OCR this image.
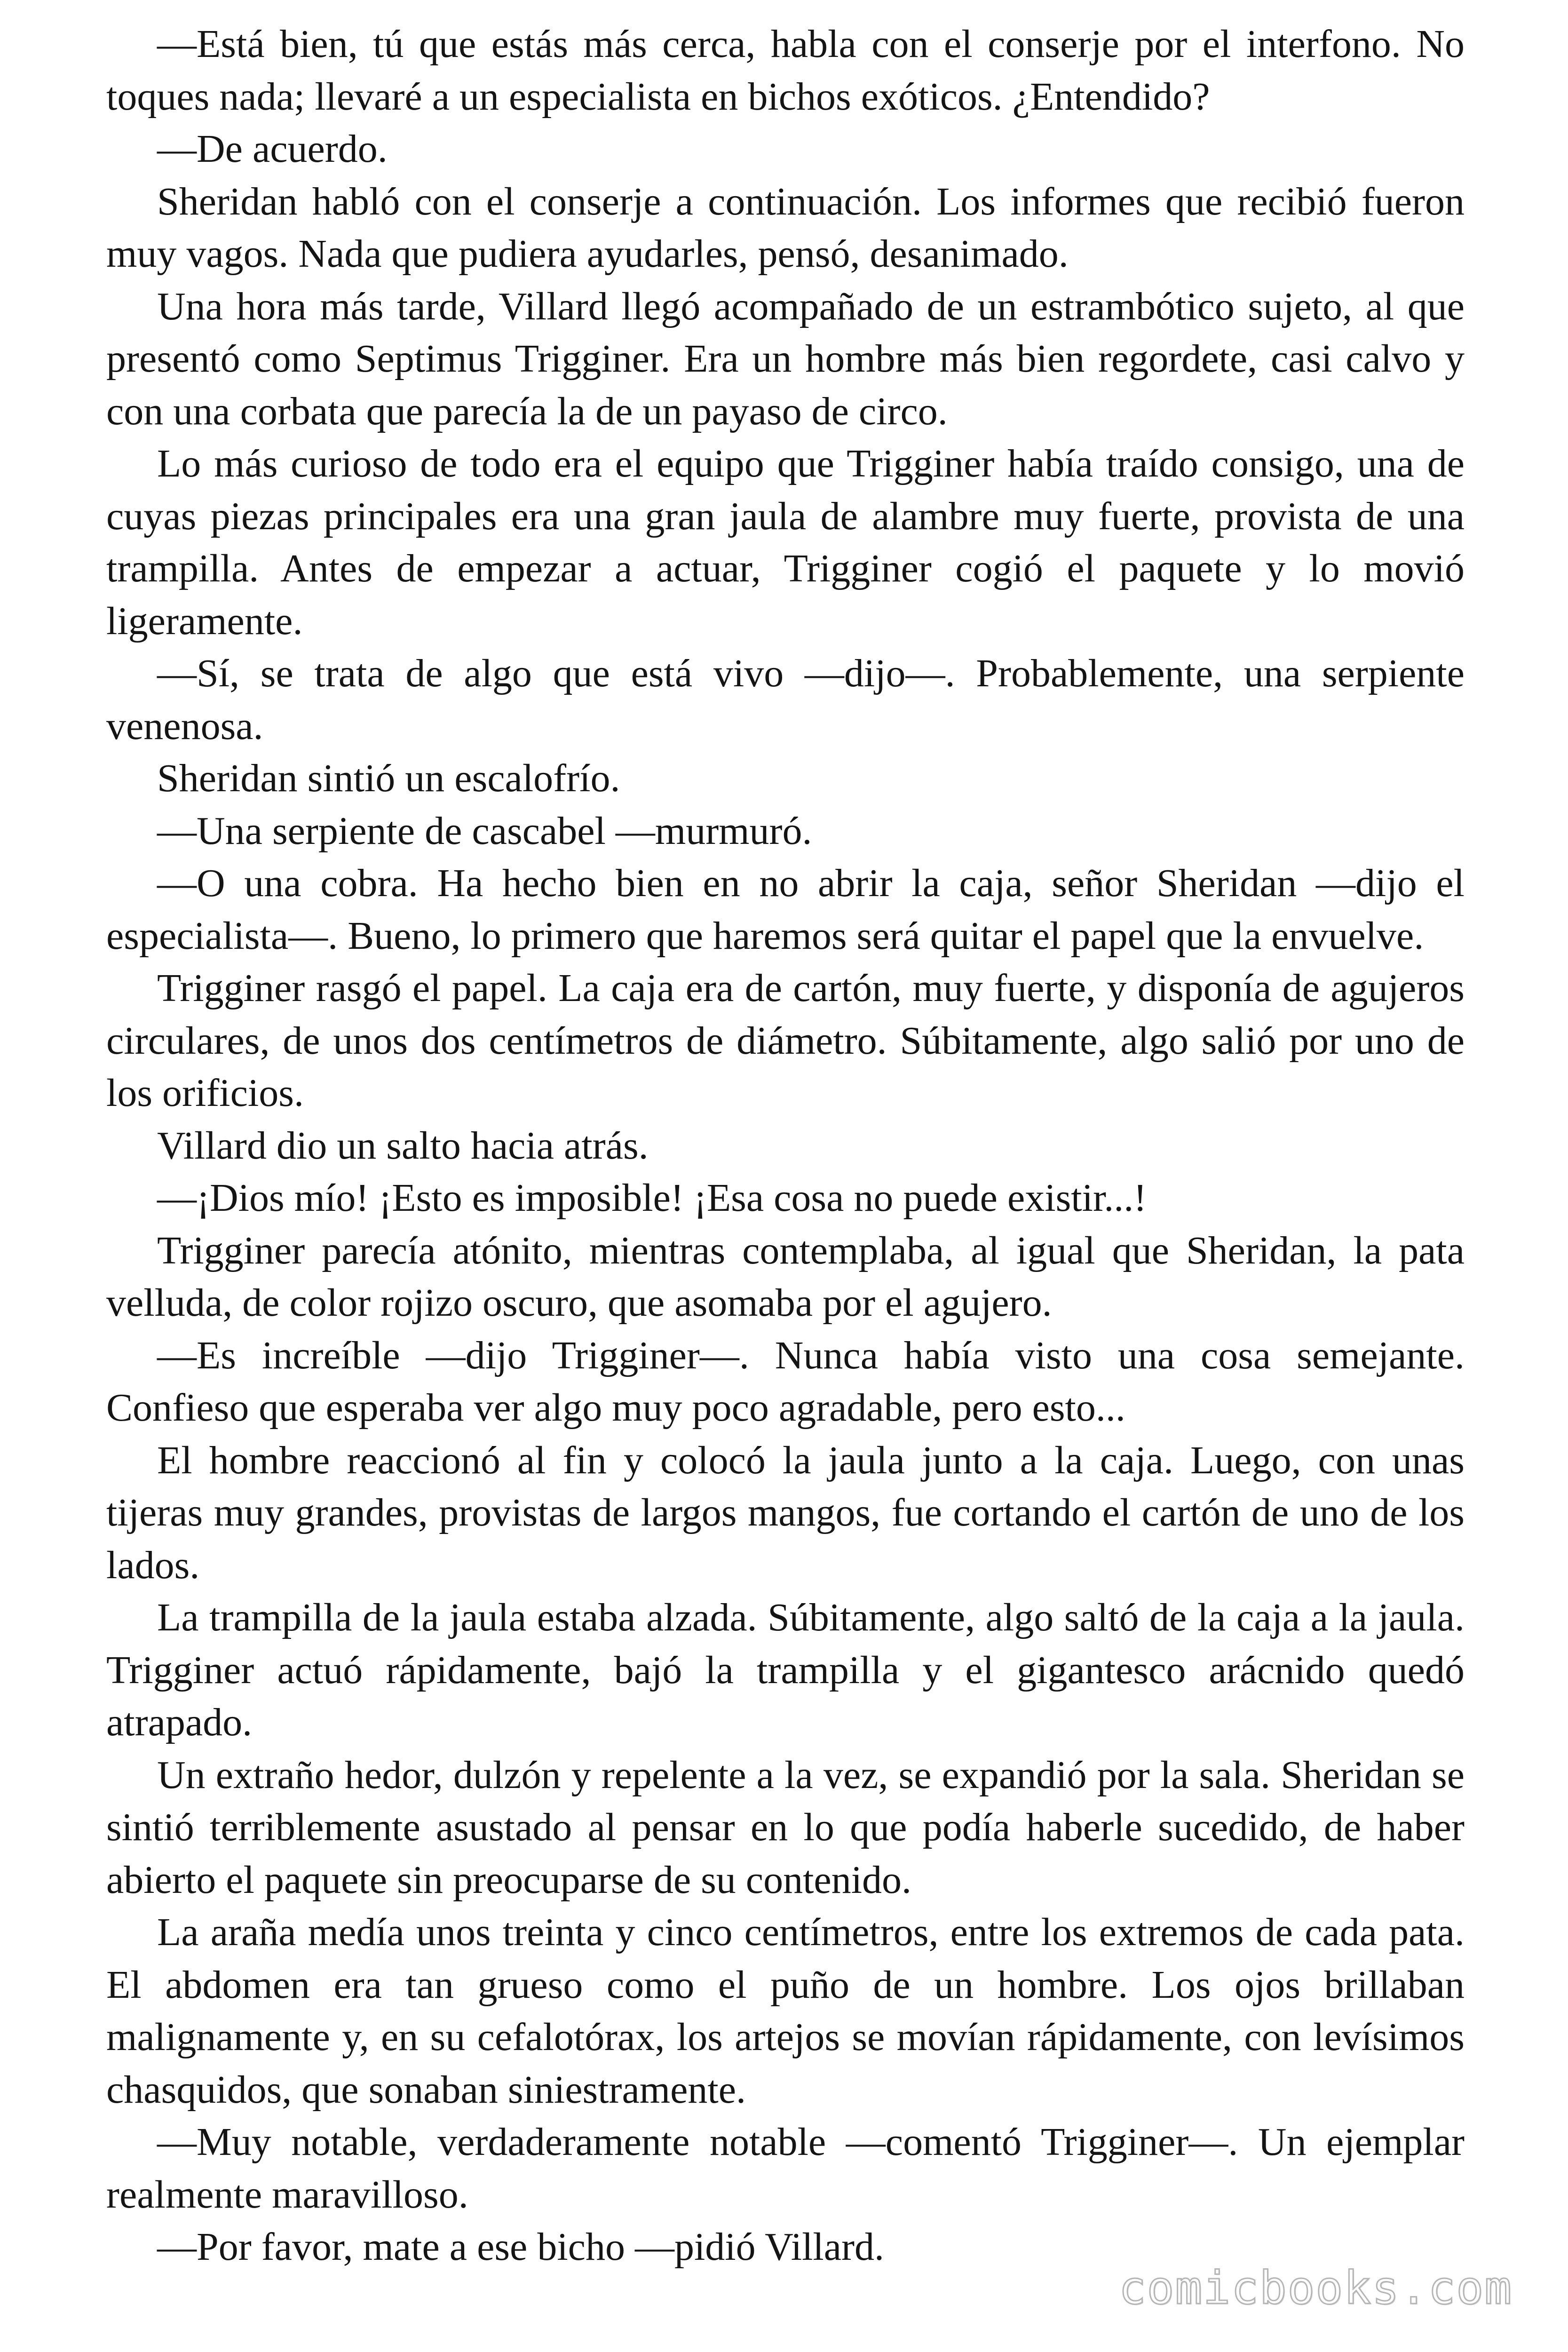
—Está bien, tú que estás más cerca, habla con el conserje por el interfono. No toques nada; llevaré a un especialista en bichos exóticos. ¿Entendido?

—De acuerdo.

Sheridan habló con el conserje a continuación. Los informes que recibió fueron muy vagos. Nada que pudiera ayudarles, pensó, desanimado.

Una hora más tarde, Villard llegó acompañado de un estrambótico sujeto, al que presentó como Septimus Trigginer. Era un hombre más bien regordete, casi calvo y con una corbata que parecía la de un payaso de circo.

Lo más curioso de todo era el equipo que Trigginer había traído consigo, una de cuyas piezas principales era una gran jaula de alambre muy fuerte, provista de una trampilla. Antes de empezar a actuar, Trigginer cogió el paquete y lo movió ligeramente.

—Sí, se trata de algo que está vivo —dijo—. Probablemente, una serpiente venenosa.

Sheridan sintió un escalofrío.

—Una serpiente de cascabel —murmuró.

—O una cobra. Ha hecho bien en no abrir la caja, señor Sheridan —dijo el especialista—. Bueno, lo primero que haremos será quitar el papel que la envuelve.

Trigginer rasgó el papel. La caja era de cartón, muy fuerte, y disponía de agujeros circulares, de unos dos centímetros de diámetro. Súbitamente, algo salió por uno de los orificios.

Villard dio un salto hacia atrás.

—¡Dios mío! ¡Esto es imposible! ¡Esa cosa no puede existir...!

Trigginer parecía atónito, mientras contemplaba, al igual que Sheridan, la pata velluda, de color rojizo oscuro, que asomaba por el agujero.

—Es increíble —dijo Trigginer—. Nunca había visto una cosa semejante. Confieso que esperaba ver algo muy poco agradable, pero esto...

El hombre reaccionó al fin y colocó la jaula junto a la caja. Luego, con unas tijeras muy grandes, provistas de largos mangos, fue cortando el cartón de uno de los lados.

La trampilla de la jaula estaba alzada. Súbitamente, algo saltó de la caja a la jaula. Trigginer actuó rápidamente, bajó la trampilla y el gigantesco arácnido quedó atrapado.

Un extraño hedor, dulzón y repelente a la vez, se expandió por la sala. Sheridan se sintió terriblemente asustado al pensar en lo que podía haberle sucedido, de haber abierto el paquete sin preocuparse de su contenido.

La araña medía unos treinta y cinco centímetros, entre los extremos de cada pata. El abdomen era tan grueso como el puño de un hombre. Los ojos brillaban malignamente y, en su cefalotórax, los artejos se movían rápidamente, con levísimos chasquidos, que sonaban siniestramente.

—Muy notable, verdaderamente notable —comentó Trigginer—. Un ejemplar realmente maravilloso.

—Por favor, mate a ese bicho —pidió Villard.

comicbooks.com
